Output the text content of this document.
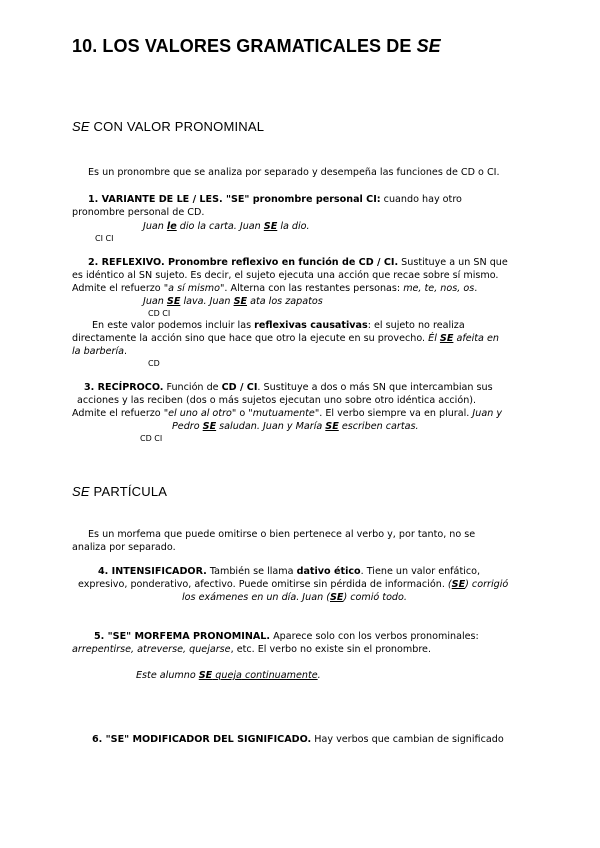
10. LOS VALORES GRAMATICALES DE SE
SE CON VALOR PRONOMINAL
Es un pronombre que se analiza por separado y desempeña las funciones de CD o CI.
1. VARIANTE DE LE / LES. "SE" pronombre personal CI: cuando hay otro
pronombre personal de CD.
Juan le dio la carta. Juan SE la dio.
CI CI
2. REFLEXIVO. Pronombre reflexivo en función de CD / CI. Sustituye a un SN que
es idéntico al SN sujeto. Es decir, el sujeto ejecuta una acción que recae sobre sí mismo.
Admite el refuerzo "a sí mismo". Alterna con las restantes personas: me, te, nos, os.
Juan SE lava. Juan SE ata los zapatos
CD CI
En este valor podemos incluir las reflexivas causativas: el sujeto no realiza
directamente la acción sino que hace que otro la ejecute en su provecho. Él SE afeita en
la barbería.
CD
3. RECÍPROCO. Función de CD / CI. Sustituye a dos o más SN que intercambian sus
acciones y las reciben (dos o más sujetos ejecutan uno sobre otro idéntica acción).
Admite el refuerzo "el uno al otro" o "mutuamente". El verbo siempre va en plural. Juan y
Pedro SE saludan. Juan y María SE escriben cartas.
CD CI
SE PARTÍCULA
Es un morfema que puede omitirse o bien pertenece al verbo y, por tanto, no se
analiza por separado.
4. INTENSIFICADOR. También se llama dativo ético. Tiene un valor enfático,
expresivo, ponderativo, afectivo. Puede omitirse sin pérdida de información. (SE) corrigió
los exámenes en un día. Juan (SE) comió todo.
5. "SE" MORFEMA PRONOMINAL. Aparece solo con los verbos pronominales:
arrepentirse, atreverse, quejarse, etc. El verbo no existe sin el pronombre.
Este alumno SE queja continuamente.
6. "SE" MODIFICADOR DEL SIGNIFICADO. Hay verbos que cambian de significado
